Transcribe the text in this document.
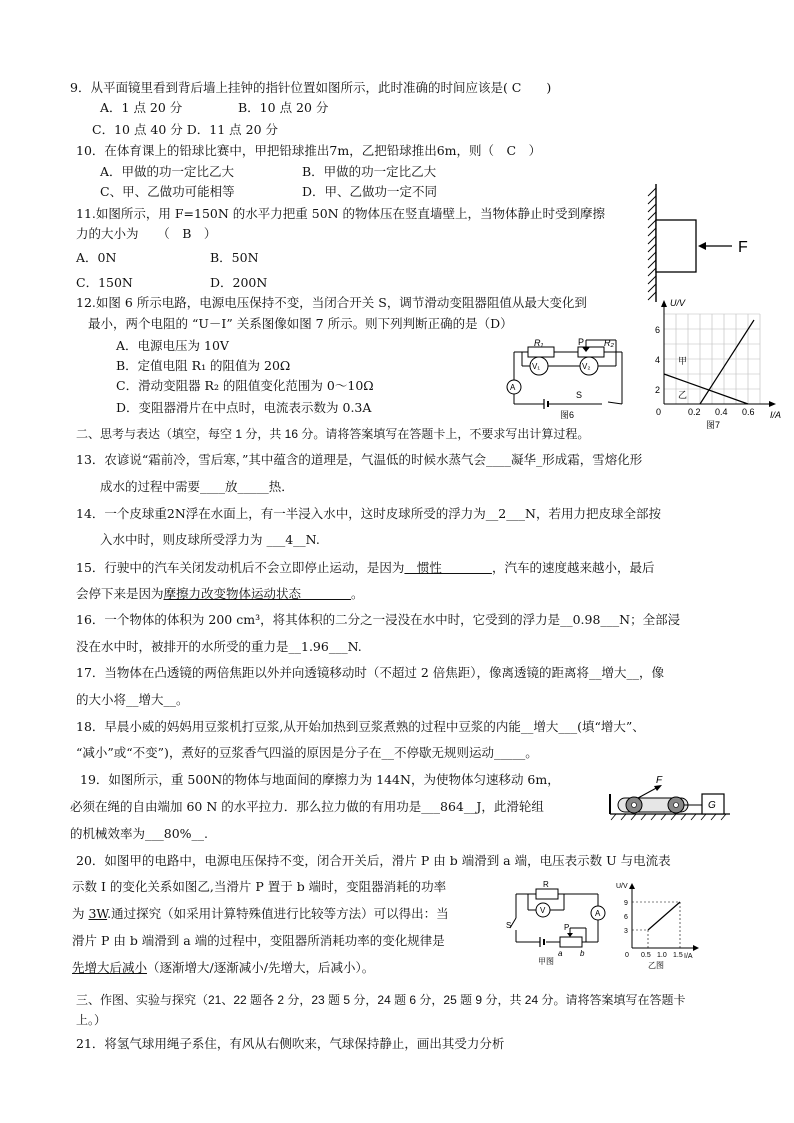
9．从平面镜里看到背后墙上挂钟的指针位置如图所示，此时准确的时间应该是( C　　)
A．1 点 20 分	B．10 点 20 分
C．10 点 40 分 D．11 点 20 分
10．在体育课上的铅球比赛中，甲把铅球推出7m，乙把铅球推出6m，则（　C　）
A．甲做的功一定比乙大	B．甲做的功一定比乙大
C、甲、乙做功可能相等	D．甲、乙做功一定不同
11.如图所示，用 F=150N 的水平力把重 50N 的物体压在竖直墙壁上，当物体静止时受到摩擦
力的大小为　　（　B　）
A．0N	B．50N
C．150N	D．200N
F
12.如图 6 所示电路，电源电压保持不变，当闭合开关 S，调节滑动变阻器阻值从最大变化到
最小，两个电阻的 “U－I” 关系图像如图 7 所示。则下列判断正确的是（D）
A．电源电压为 10V
B．定值电阻 R₁ 的阻值为 20Ω
C．滑动变阻器 R₂ 的阻值变化范围为 0～10Ω
D．变阻器滑片在中点时，电流表示数为 0.3A
R₁	P R₂
V₁	V₂
A
S
图6
U/V
I/A
6
4
2
0	0.2 0.4 0.6
甲
乙
图7
二、思考与表达（填空，每空 1 分，共 16 分。请将答案填写在答题卡上，不要求写出计算过程。
13．农谚说“霜前冷，雪后寒，”其中蕴含的道理是，气温低的时候水蒸气会____凝华_形成霜，雪熔化形
成水的过程中需要____放_____热．
14．一个皮球重2N浮在水面上，有一半浸入水中，这时皮球所受的浮力为__2___N，若用力把皮球全部按
入水中时，则皮球所受浮力为 ___4__N.
15．行驶中的汽车关闭发动机后不会立即停止运动，是因为　惯性　　　　，汽车的速度越来越小，最后
会停下来是因为摩擦力改变物体运动状态　　　　。
16．一个物体的体积为 200 cm³，将其体积的二分之一浸没在水中时，它受到的浮力是__0.98___N；全部浸
没在水中时，被排开的水所受的重力是__1.96___N.
17．当物体在凸透镜的两倍焦距以外并向透镜移动时（不超过 2 倍焦距），像离透镜的距离将__增大__，像
的大小将__增大__。
18．早晨小威的妈妈用豆浆机打豆浆,从开始加热到豆浆煮熟的过程中豆浆的内能__增大___(填“增大”、
“减小”或“不变”)，煮好的豆浆香气四溢的原因是分子在__不停歇无规则运动_____。
19．如图所示，重 500N的物体与地面间的摩擦力为 144N，为使物体匀速移动 6m，
必须在绳的自由端加 60 N 的水平拉力．那么拉力做的有用功是___864__J，此滑轮组
的机械效率为___80%__.
F
G
20．如图甲的电路中，电源电压保持不变，闭合开关后，滑片 P 由 b 端滑到 a 端，电压表示数 U 与电流表
示数 I 的变化关系如图乙,当滑片 P 置于 b 端时，变阻器消耗的功率
为 3W.通过探究（如采用计算特殊值进行比较等方法）可以得出：当
滑片 P 由 b 端滑到 a 端的过程中，变阻器所消耗功率的变化规律是
先增大后减小（逐渐增大/逐渐减小/先增大，后减小）。
R
V	A
S	P
a b
甲图
U/V
I/A
9
6
3
0 0.5 1.0 1.5
乙图
三、作图、实验与探究（21、22 题各 2 分，23 题 5 分，24 题 6 分，25 题 9 分，共 24 分。请将答案填写在答题卡
上。）
21．将氢气球用绳子系住，有风从右侧吹来，气球保持静止，画出其受力分析
